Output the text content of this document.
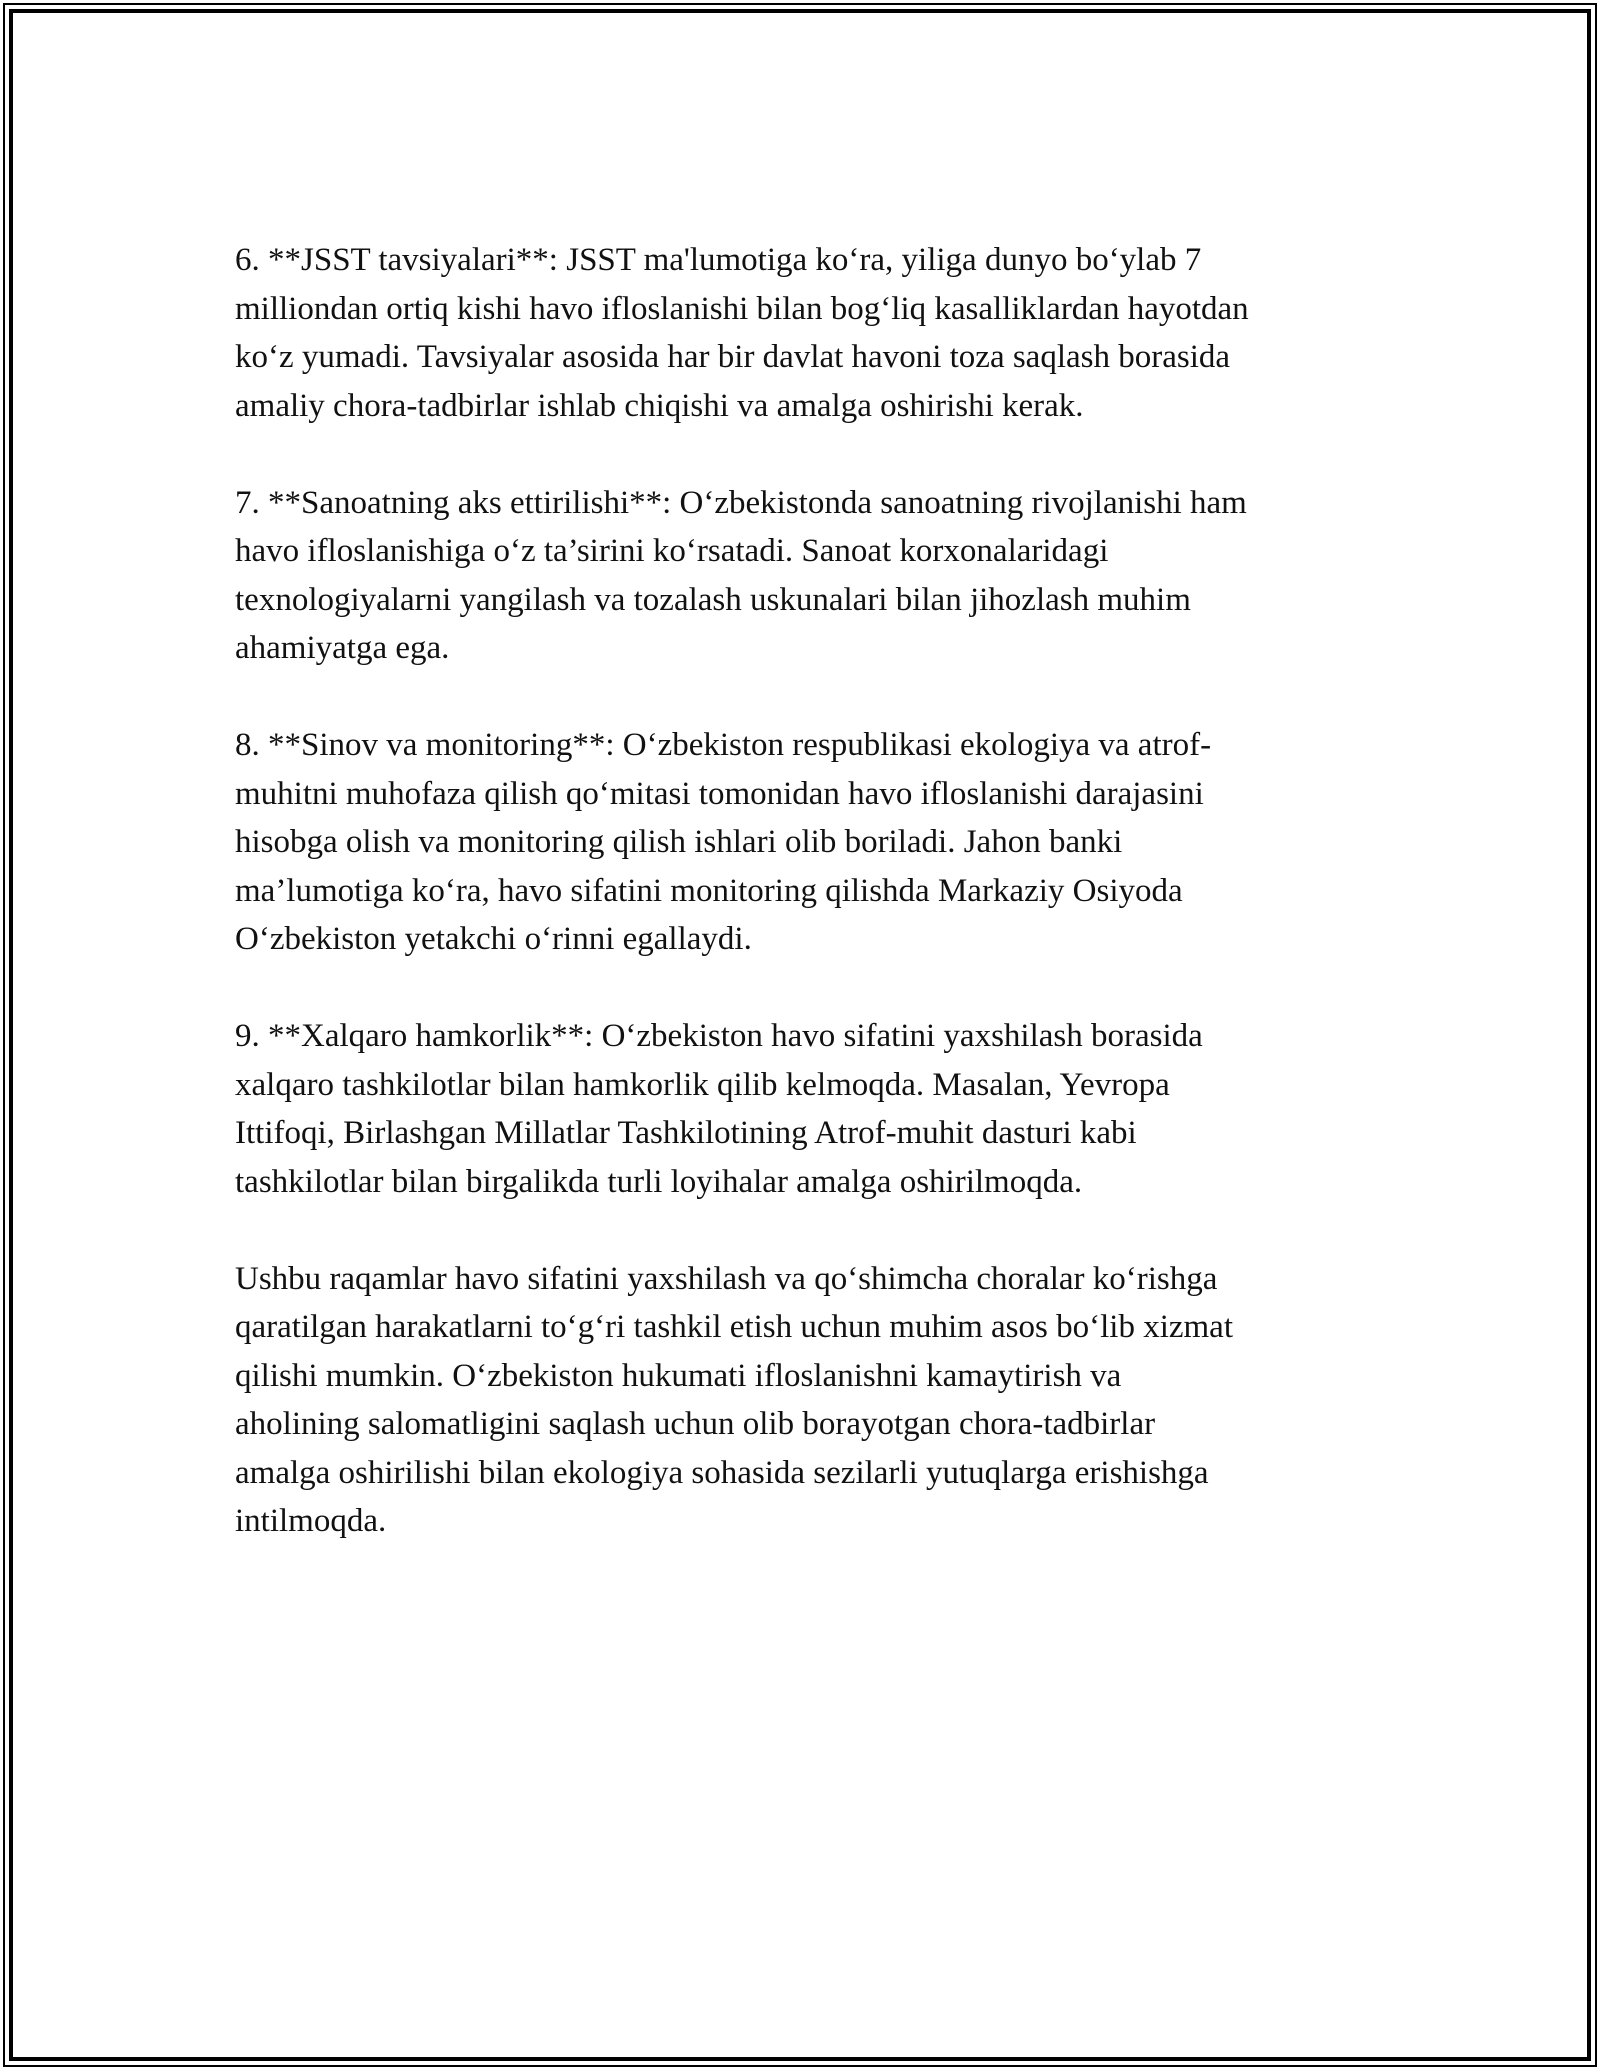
6. **JSST tavsiyalari**: JSST ma'lumotiga ko‘ra, yiliga dunyo bo‘ylab 7
milliondan ortiq kishi havo ifloslanishi bilan bog‘liq kasalliklardan hayotdan
ko‘z yumadi. Tavsiyalar asosida har bir davlat havoni toza saqlash borasida
amaliy chora-tadbirlar ishlab chiqishi va amalga oshirishi kerak.

7. **Sanoatning aks ettirilishi**: O‘zbekistonda sanoatning rivojlanishi ham
havo ifloslanishiga o‘z ta’sirini ko‘rsatadi. Sanoat korxonalaridagi
texnologiyalarni yangilash va tozalash uskunalari bilan jihozlash muhim
ahamiyatga ega.

8. **Sinov va monitoring**: O‘zbekiston respublikasi ekologiya va atrof-
muhitni muhofaza qilish qo‘mitasi tomonidan havo ifloslanishi darajasini
hisobga olish va monitoring qilish ishlari olib boriladi. Jahon banki
ma’lumotiga ko‘ra, havo sifatini monitoring qilishda Markaziy Osiyoda
O‘zbekiston yetakchi o‘rinni egallaydi.

9. **Xalqaro hamkorlik**: O‘zbekiston havo sifatini yaxshilash borasida
xalqaro tashkilotlar bilan hamkorlik qilib kelmoqda. Masalan, Yevropa
Ittifoqi, Birlashgan Millatlar Tashkilotining Atrof-muhit dasturi kabi
tashkilotlar bilan birgalikda turli loyihalar amalga oshirilmoqda.

Ushbu raqamlar havo sifatini yaxshilash va qo‘shimcha choralar ko‘rishga
qaratilgan harakatlarni to‘g‘ri tashkil etish uchun muhim asos bo‘lib xizmat
qilishi mumkin. O‘zbekiston hukumati ifloslanishni kamaytirish va
aholining salomatligini saqlash uchun olib borayotgan chora-tadbirlar
amalga oshirilishi bilan ekologiya sohasida sezilarli yutuqlarga erishishga
intilmoqda.
